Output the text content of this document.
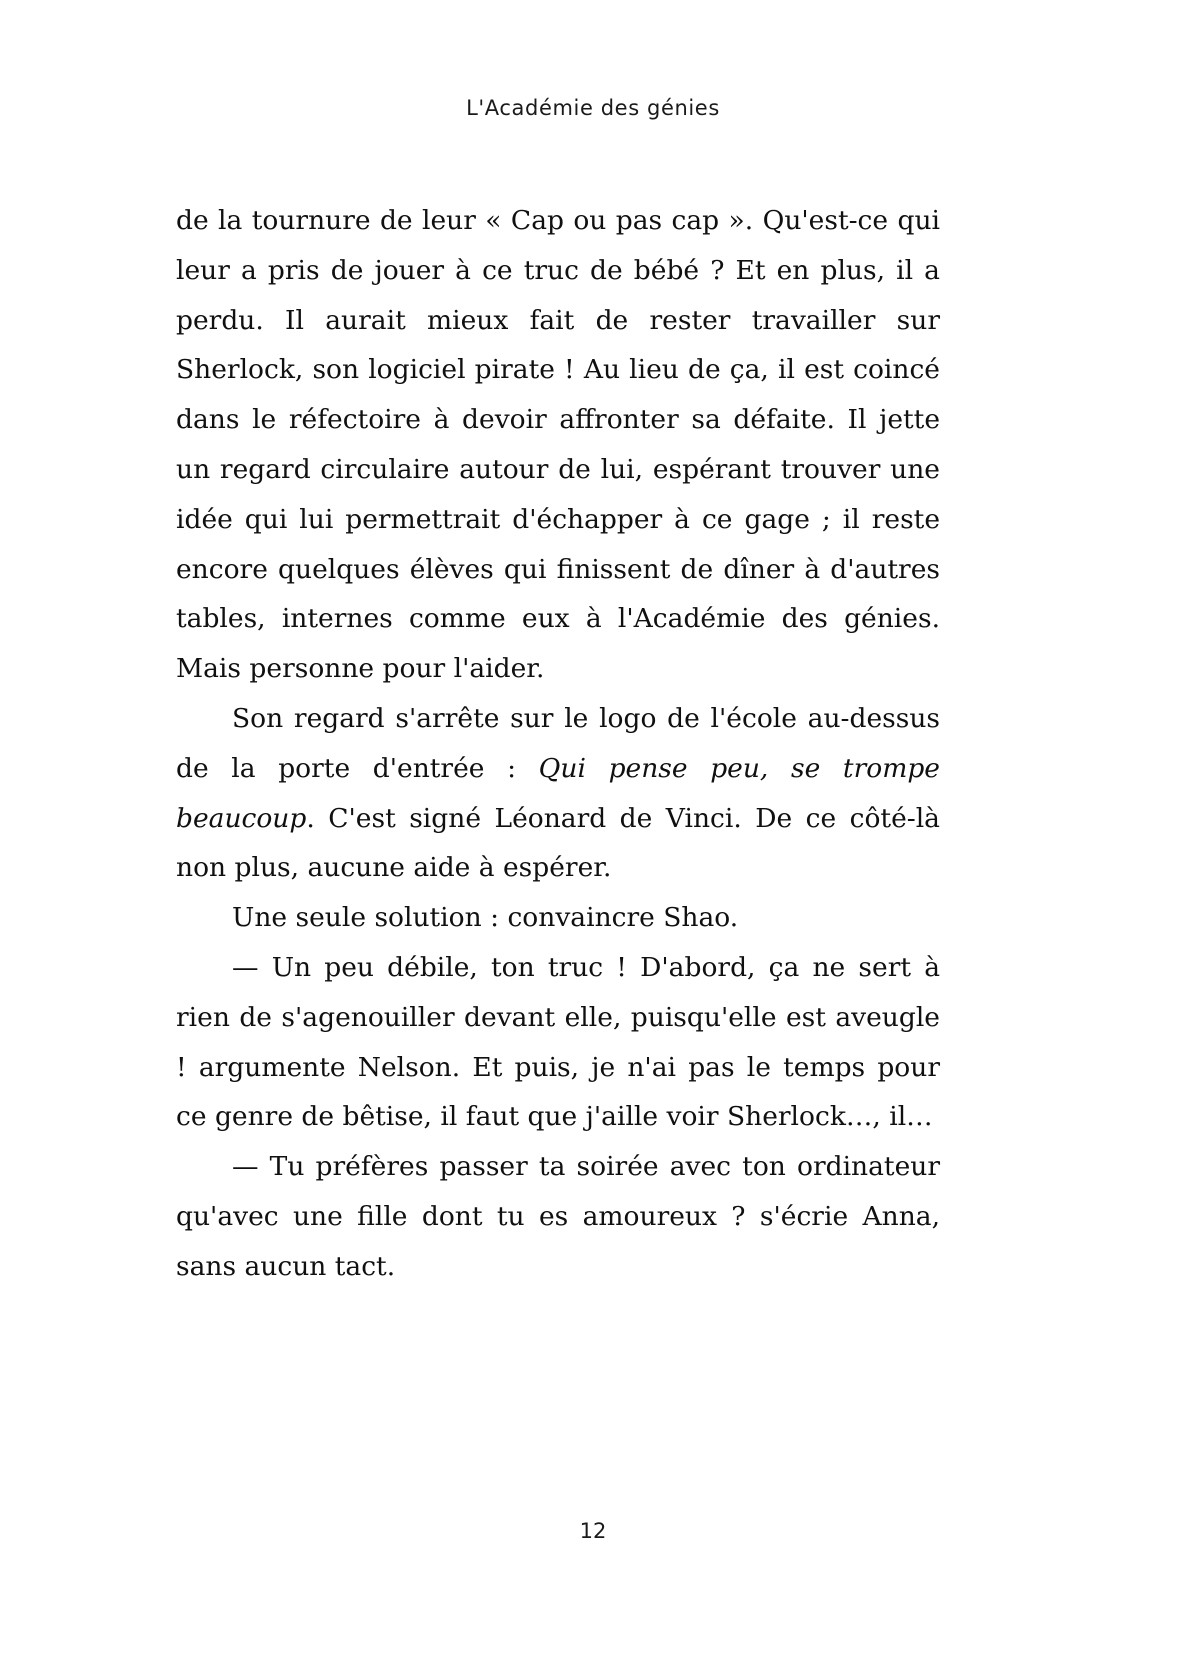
L'Académie des génies

de la tournure de leur « Cap ou pas cap ». Qu'est-ce qui leur a pris de jouer à ce truc de bébé ? Et en plus, il a perdu. Il aurait mieux fait de rester travailler sur Sherlock, son logiciel pirate ! Au lieu de ça, il est coincé dans le réfectoire à devoir affronter sa défaite. Il jette un regard circulaire autour de lui, espérant trouver une idée qui lui permettrait d'échapper à ce gage ; il reste encore quelques élèves qui finissent de dîner à d'autres tables, internes comme eux à l'Académie des génies. Mais personne pour l'aider.

Son regard s'arrête sur le logo de l'école au-dessus de la porte d'entrée : Qui pense peu, se trompe beaucoup. C'est signé Léonard de Vinci. De ce côté-là non plus, aucune aide à espérer.

Une seule solution : convaincre Shao.

— Un peu débile, ton truc ! D'abord, ça ne sert à rien de s'agenouiller devant elle, puisqu'elle est aveugle ! argumente Nelson. Et puis, je n'ai pas le temps pour ce genre de bêtise, il faut que j'aille voir Sherlock…, il…

— Tu préfères passer ta soirée avec ton ordinateur qu'avec une fille dont tu es amoureux ? s'écrie Anna, sans aucun tact.

12
